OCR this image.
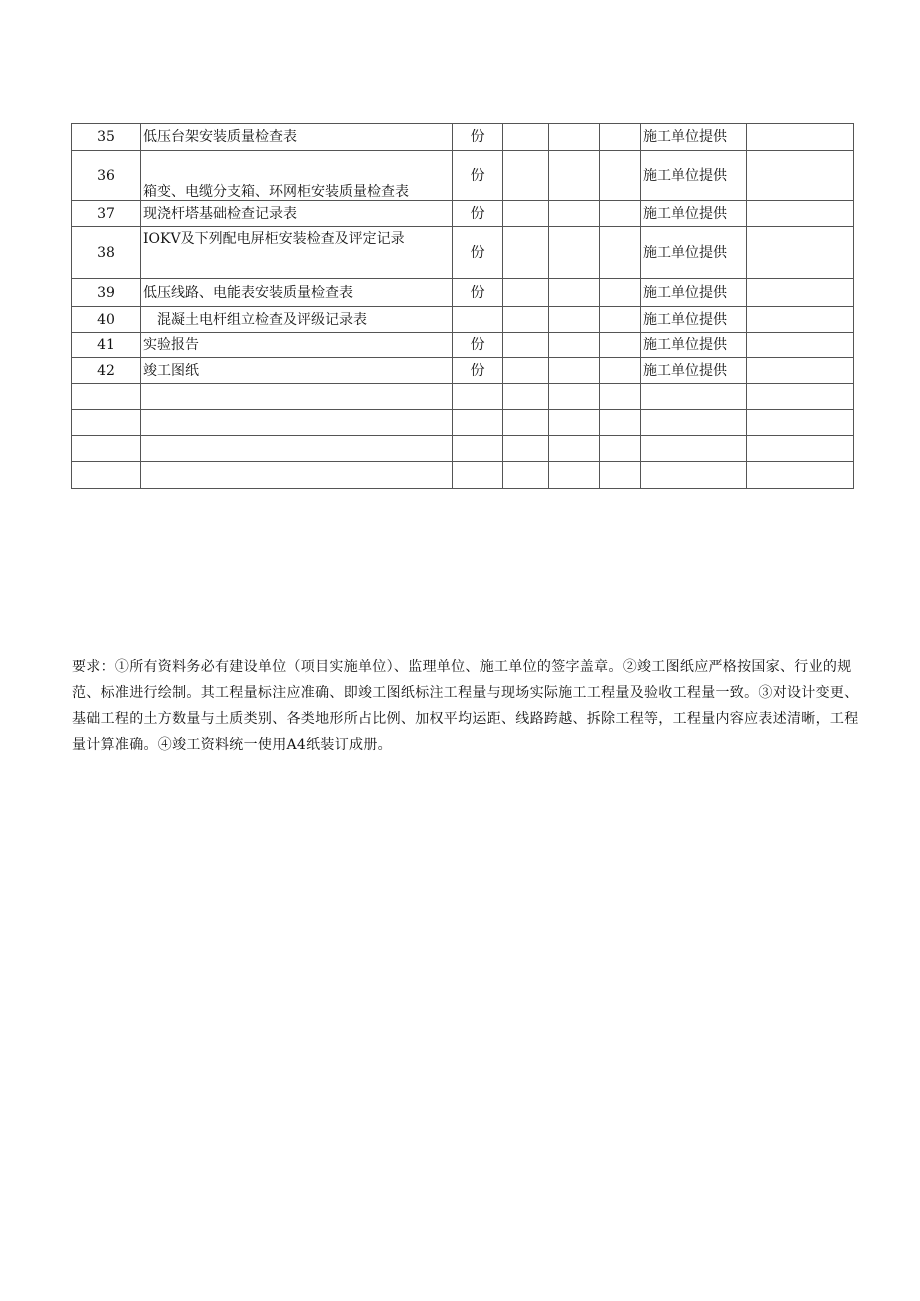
35	低压台架安装质量检查表	份				施工单位提供	
36	箱变、电缆分支箱、环网柜安装质量检查表	份				施工单位提供	
37	现浇杆塔基础检查记录表	份				施工单位提供	
38	IOKV及下列配电屏柜安装检查及评定记录	份				施工单位提供	
39	低压线路、电能表安装质量检查表	份				施工单位提供	
40	混凝土电杆组立检查及评级记录表					施工单位提供	
41	实验报告	份				施工单位提供	
42	竣工图纸	份				施工单位提供	

要求：①所有资料务必有建设单位（项目实施单位）、监理单位、施工单位的签字盖章。②竣工图纸应严格按国家、行业的规范、标准进行绘制。其工程量标注应准确、即竣工图纸标注工程量与现场实际施工工程量及验收工程量一致。③对设计变更、基础工程的土方数量与土质类别、各类地形所占比例、加权平均运距、线路跨越、拆除工程等，工程量内容应表述清晰，工程量计算准确。④竣工资料统一使用A4纸装订成册。
